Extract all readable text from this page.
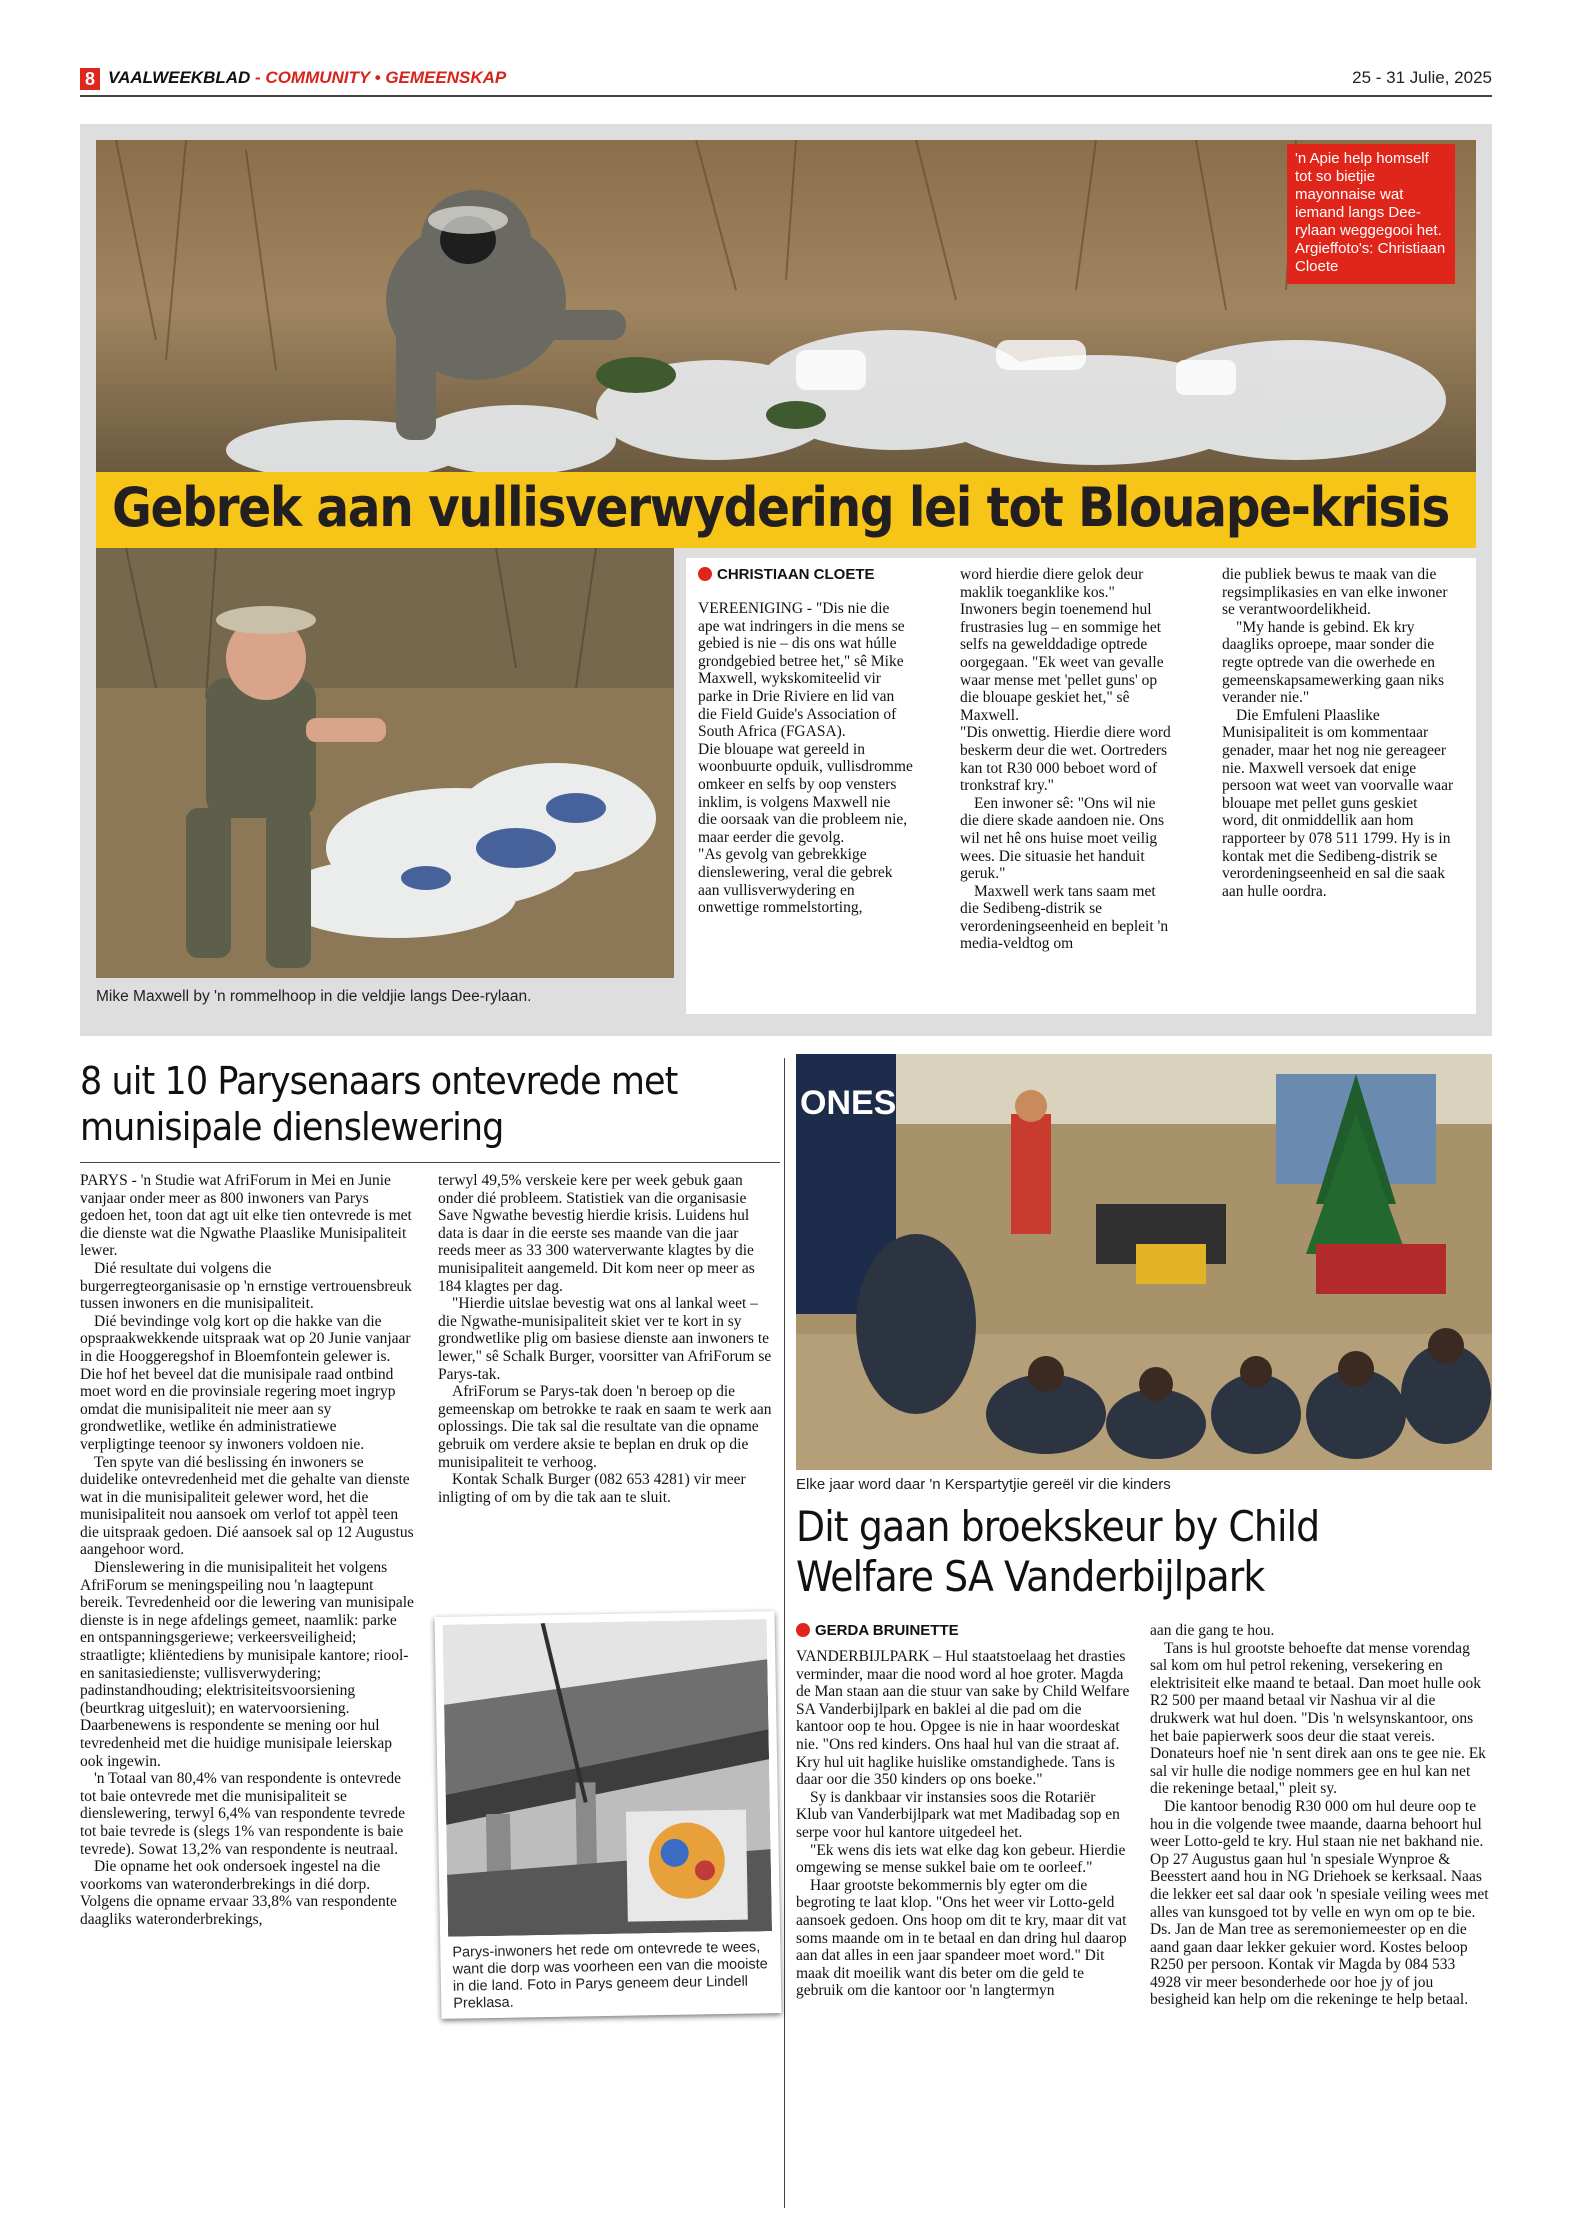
8 VAALWEEKBLAD - COMMUNITY • GEMEENSKAP	25 - 31 Julie, 2025
'n Apie help homself tot so bietjie mayonnaise wat iemand langs Dee-rylaan weggegooi het. Argieffoto's: Christiaan Cloete
Gebrek aan vullisverwydering lei tot Blouape-krisis
Mike Maxwell by 'n rommelhoop in die veldjie langs Dee-rylaan.
CHRISTIAAN CLOETE

VEREENIGING - "Dis nie die ape wat indringers in die mens se gebied is nie – dis ons wat húlle grondgebied betree het," sê Mike Maxwell, wykskomiteelid vir parke in Drie Riviere en lid van die Field Guide's Association of South Africa (FGASA).

Die blouape wat gereeld in woonbuurte opduik, vullisdromme omkeer en selfs by oop vensters inklim, is volgens Maxwell nie die oorsaak van die probleem nie, maar eerder die gevolg.

"As gevolg van gebrekkige dienslewering, veral die gebrek aan vullisverwydering en onwettige rommelstorting,

word hierdie diere gelok deur maklik toeganklike kos." Inwoners begin toenemend hul frustrasies lug – en sommige het selfs na gewelddadige optrede oorgegaan. "Ek weet van gevalle waar mense met 'pellet guns' op die blouape geskiet het," sê Maxwell.

"Dis onwettig. Hierdie diere word beskerm deur die wet. Oortreders kan tot R30 000 beboet word of tronkstraf kry."

Een inwoner sê: "Ons wil nie die diere skade aandoen nie. Ons wil net hê ons huise moet veilig wees. Die situasie het handuit geruk."

Maxwell werk tans saam met die Sedibeng-distrik se verordeningseenheid en bepleit 'n media-veldtog om

die publiek bewus te maak van die regsimplikasies en van elke inwoner se verantwoordelikheid.

"My hande is gebind. Ek kry daagliks oproepe, maar sonder die regte optrede van die owerhede en gemeenskapsamewerking gaan niks verander nie."

Die Emfuleni Plaaslike Munisipaliteit is om kommentaar genader, maar het nog nie gereageer nie. Maxwell versoek dat enige persoon wat weet van voorvalle waar blouape met pellet guns geskiet word, dit onmiddellik aan hom rapporteer by 078 511 1799. Hy is in kontak met die Sedibeng-distrik se verordeningseenheid en sal die saak aan hulle oordra.

8 uit 10 Parysenaars ontevrede met
munisipale dienslewering

PARYS - 'n Studie wat AfriForum in Mei en Junie vanjaar onder meer as 800 inwoners van Parys gedoen het, toon dat agt uit elke tien ontevrede is met die dienste wat die Ngwathe Plaaslike Munisipaliteit lewer.

Dié resultate dui volgens die burgerregteorganisasie op 'n ernstige vertrouensbreuk tussen inwoners en die munisipaliteit.

Dié bevindinge volg kort op die hakke van die opspraakwekkende uitspraak wat op 20 Junie vanjaar in die Hooggeregshof in Bloemfontein gelewer is. Die hof het beveel dat die munisipale raad ontbind moet word en die provinsiale regering moet ingryp omdat die munisipaliteit nie meer aan sy grondwetlike, wetlike én administratiewe verpligtinge teenoor sy inwoners voldoen nie.

Ten spyte van dié beslissing én inwoners se duidelike ontevredenheid met die gehalte van dienste wat in die munisipaliteit gelewer word, het die munisipaliteit nou aansoek om verlof tot appèl teen die uitspraak gedoen. Dié aansoek sal op 12 Augustus aangehoor word.

Dienslewering in die munisipaliteit het volgens AfriForum se meningspeiling nou 'n laagtepunt bereik. Tevredenheid oor die lewering van munisipale dienste is in nege afdelings gemeet, naamlik: parke en ontspanningsgeriewe; verkeersveiligheid; straatligte; kliëntediens by munisipale kantore; riool- en sanitasiedienste; vullisverwydering; padinstandhouding; elektrisiteitsvoorsiening (beurtkrag uitgesluit); en watervoorsiening. Daarbenewens is respondente se mening oor hul tevredenheid met die huidige munisipale leierskap ook ingewin.

'n Totaal van 80,4% van respondente is ontevrede tot baie ontevrede met die munisipaliteit se dienslewering, terwyl 6,4% van respondente tevrede tot baie tevrede is (slegs 1% van respondente is baie tevrede). Sowat 13,2% van respondente is neutraal.

Die opname het ook ondersoek ingestel na die voorkoms van wateronderbrekings in dié dorp. Volgens die opname ervaar 33,8% van respondente daagliks wateronderbrekings,

terwyl 49,5% verskeie kere per week gebuk gaan onder dié probleem. Statistiek van die organisasie Save Ngwathe bevestig hierdie krisis. Luidens hul data is daar in die eerste ses maande van die jaar reeds meer as 33 300 waterverwante klagtes by die munisipaliteit aangemeld. Dit kom neer op meer as 184 klagtes per dag.

"Hierdie uitslae bevestig wat ons al lankal weet – die Ngwathe-munisipaliteit skiet ver te kort in sy grondwetlike plig om basiese dienste aan inwoners te lewer," sê Schalk Burger, voorsitter van AfriForum se Parys-tak.

AfriForum se Parys-tak doen 'n beroep op die gemeenskap om betrokke te raak en saam te werk aan oplossings. Die tak sal die resultate van die opname gebruik om verdere aksie te beplan en druk op die munisipaliteit te verhoog.

Kontak Schalk Burger (082 653 4281) vir meer inligting of om by die tak aan te sluit.

Parys-inwoners het rede om ontevrede te wees, want die dorp was voorheen een van die mooiste in die land. Foto in Parys geneem deur Lindell Preklasa.
ONES
Elke jaar word daar 'n Kerspartytjie gereël vir die kinders
Dit gaan broekskeur by Child
Welfare SA Vanderbijlpark
GERDA BRUINETTE

VANDERBIJLPARK – Hul staatstoelaag het drasties verminder, maar die nood word al hoe groter. Magda de Man staan aan die stuur van sake by Child Welfare SA Vanderbijlpark en baklei al die pad om die kantoor oop te hou. Opgee is nie in haar woordeskat nie. "Ons red kinders. Ons haal hul van die straat af. Kry hul uit haglike huislike omstandighede. Tans is daar oor die 350 kinders op ons boeke."

Sy is dankbaar vir instansies soos die Rotariër Klub van Vanderbijlpark wat met Madibadag sop en serpe voor hul kantore uitgedeel het.

"Ek wens dis iets wat elke dag kon gebeur. Hierdie omgewing se mense sukkel baie om te oorleef."

Haar grootste bekommernis bly egter om die begroting te laat klop. "Ons het weer vir Lotto-geld aansoek gedoen. Ons hoop om dit te kry, maar dit vat soms maande om in te betaal en dan dring hul daarop aan dat alles in een jaar spandeer moet word." Dit maak dit moeilik want dis beter om die geld te gebruik om die kantoor oor 'n langtermyn

aan die gang te hou.

Tans is hul grootste behoefte dat mense vorendag sal kom om hul petrol rekening, versekering en elektrisiteit elke maand te betaal. Dan moet hulle ook R2 500 per maand betaal vir Nashua vir al die drukwerk wat hul doen. "Dis 'n welsynskantoor, ons het baie papierwerk soos deur die staat vereis. Donateurs hoef nie 'n sent direk aan ons te gee nie. Ek sal vir hulle die nodige nommers gee en hul kan net die rekeninge betaal," pleit sy.

Die kantoor benodig R30 000 om hul deure oop te hou in die volgende twee maande, daarna behoort hul weer Lotto-geld te kry. Hul staan nie net bakhand nie. Op 27 Augustus gaan hul 'n spesiale Wynproe & Beesstert aand hou in NG Driehoek se kerksaal. Naas die lekker eet sal daar ook 'n spesiale veiling wees met alles van kunsgoed tot by velle en wyn om op te bie. Ds. Jan de Man tree as seremoniemeester op en die aand gaan daar lekker gekuier word. Kostes beloop R250 per persoon. Kontak vir Magda by 084 533 4928 vir meer besonderhede oor hoe jy of jou besigheid kan help om die rekeninge te help betaal.
